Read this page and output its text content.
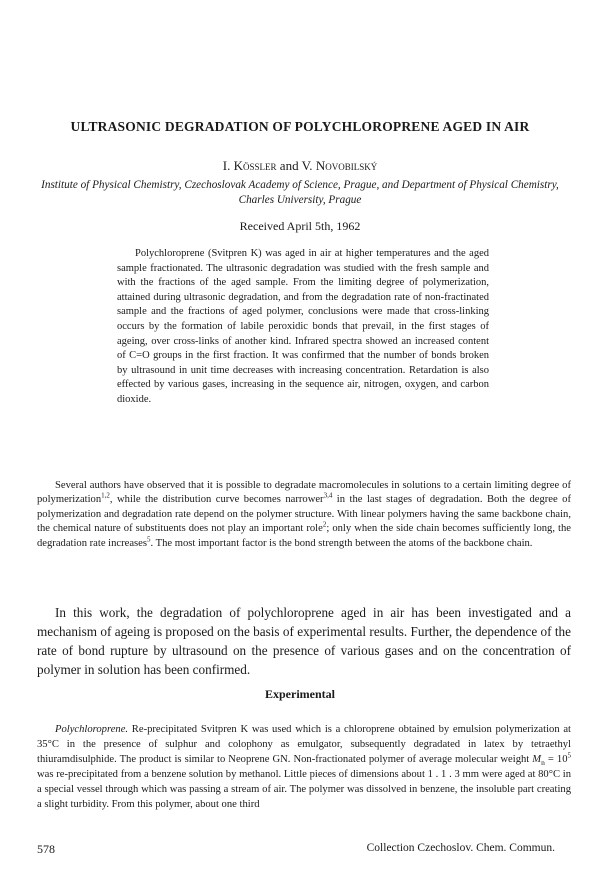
ULTRASONIC DEGRADATION OF POLYCHLOROPRENE AGED IN AIR
I. Kössler and V. Novobilský
Institute of Physical Chemistry, Czechoslovak Academy of Science, Prague, and Department of Physical Chemistry, Charles University, Prague
Received April 5th, 1962

Polychloroprene (Svitpren K) was aged in air at higher temperatures and the aged sample fractionated. The ultrasonic degradation was studied with the fresh sample and with the fractions of the aged sample. From the limiting degree of polymerization, attained during ultrasonic degradation, and from the degradation rate of non-fractinated sample and the fractions of aged polymer, conclusions were made that cross-linking occurs by the formation of labile peroxidic bonds that prevail, in the first stages of ageing, over cross-links of another kind. Infrared spectra showed an increased content of C=O groups in the first fraction. It was confirmed that the number of bonds broken by ultrasound in unit time decreases with increasing concentration. Retardation is also effected by various gases, increasing in the sequence air, nitrogen, oxygen, and carbon dioxide.

Several authors have observed that it is possible to degradate macromolecules in solutions to a certain limiting degree of polymerization$^{1,2}$, while the distribution curve becomes narrower$^{3,4}$ in the last stages of degradation. Both the degree of polymerization and degradation rate depend on the polymer structure. With linear polymers having the same backbone chain, the chemical nature of substituents does not play an important role$^2$; only when the side chain becomes sufficiently long, the degradation rate increases$^5$. The most important factor is the bond strength between the atoms of the backbone chain.

In this work, the degradation of polychloroprene aged in air has been investigated and a mechanism of ageing is proposed on the basis of experimental results. Further, the dependence of the rate of bond rupture by ultrasound on the presence of various gases and on the concentration of polymer in solution has been confirmed.

Experimental

Polychloroprene. Re-precipitated Svitpren K was used which is a chloroprene obtained by emulsion polymerization at 35°C in the presence of sulphur and colophony as emulgator, subsequently degradated in latex by tetraethyl thiuramdisulphide. The product is similar to Neoprene GN. Non-fractionated polymer of average molecular weight $M_n = 10^5$ was re-precipitated from a benzene solution by methanol. Little pieces of dimensions about 1 . 1 . 3 mm were aged at 80°C in a special vessel through which was passing a stream of air. The polymer was dissolved in benzene, the insoluble part creating a slight turbidity. From this polymer, about one third

578	Collection Czechoslov. Chem. Commun.
